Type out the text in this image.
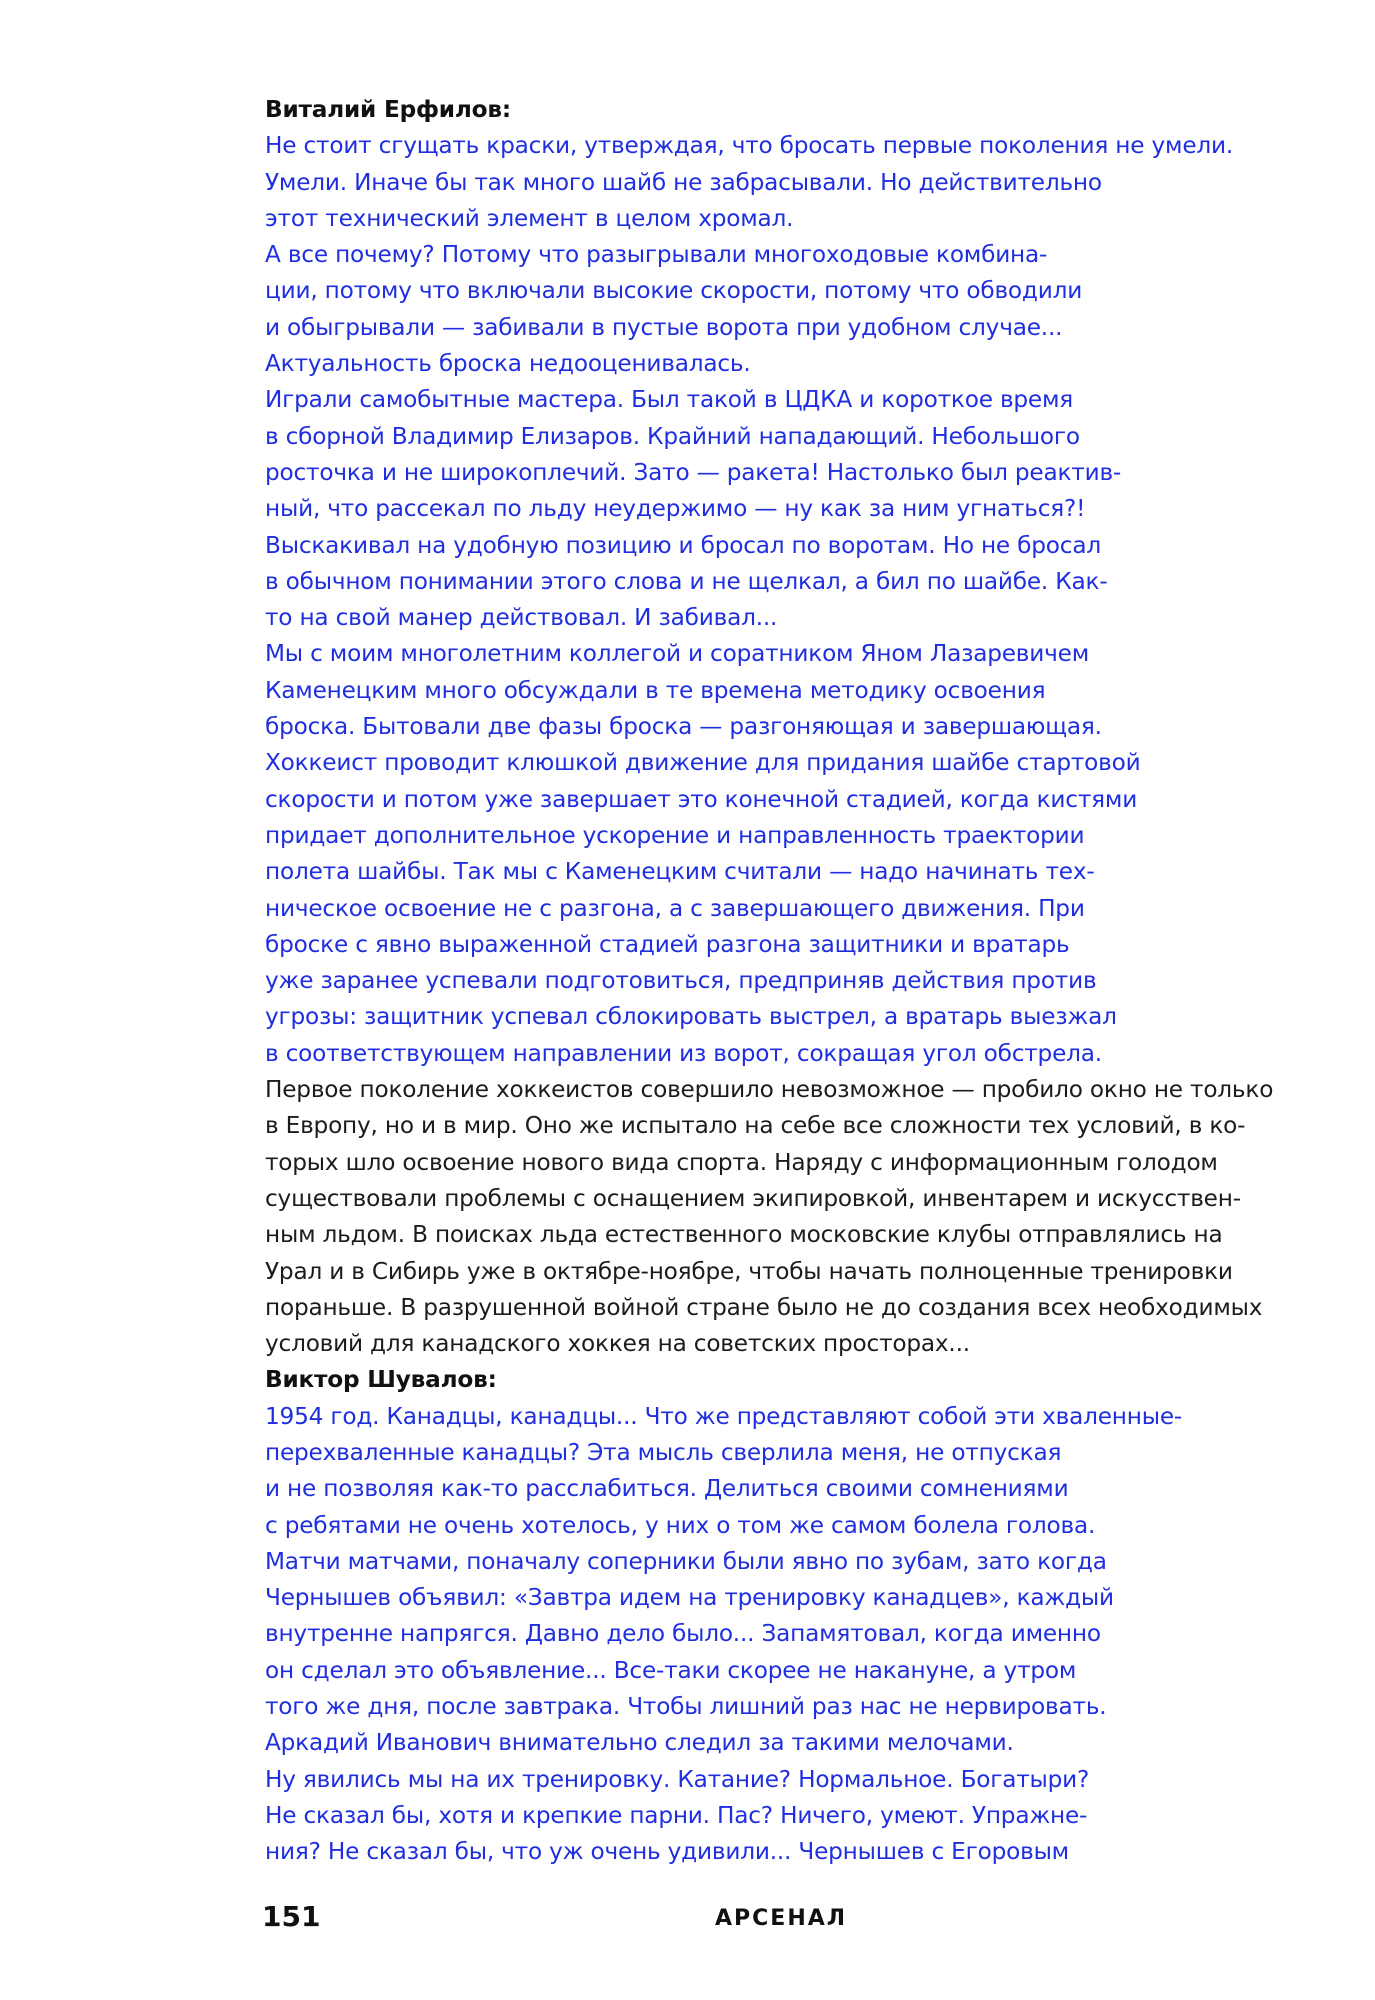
Виталий Ерфилов:
Не стоит сгущать краски, утверждая, что бросать первые поколения не умели.
Умели. Иначе бы так много шайб не забрасывали. Но действительно
этот технический элемент в целом хромал.
А все почему? Потому что разыгрывали многоходовые комбина-
ции, потому что включали высокие скорости, потому что обводили
и обыгрывали — забивали в пустые ворота при удобном случае...
Актуальность броска недооценивалась.
Играли самобытные мастера. Был такой в ЦДКА и короткое время
в сборной Владимир Елизаров. Крайний нападающий. Небольшого
росточка и не широкоплечий. Зато — ракета! Настолько был реактив-
ный, что рассекал по льду неудержимо — ну как за ним угнаться?!
Выскакивал на удобную позицию и бросал по воротам. Но не бросал
в обычном понимании этого слова и не щелкал, а бил по шайбе. Как-
то на свой манер действовал. И забивал...
Мы с моим многолетним коллегой и соратником Яном Лазаревичем
Каменецким много обсуждали в те времена методику освоения
броска. Бытовали две фазы броска — разгоняющая и завершающая.
Хоккеист проводит клюшкой движение для придания шайбе стартовой
скорости и потом уже завершает это конечной стадией, когда кистями
придает дополнительное ускорение и направленность траектории
полета шайбы. Так мы с Каменецким считали — надо начинать тех-
ническое освоение не с разгона, а с завершающего движения. При
броске с явно выраженной стадией разгона защитники и вратарь
уже заранее успевали подготовиться, предприняв действия против
угрозы: защитник успевал сблокировать выстрел, а вратарь выезжал
в соответствующем направлении из ворот, сокращая угол обстрела.
Первое поколение хоккеистов совершило невозможное — пробило окно не только
в Европу, но и в мир. Оно же испытало на себе все сложности тех условий, в ко-
торых шло освоение нового вида спорта. Наряду с информационным голодом
существовали проблемы с оснащением экипировкой, инвентарем и искусствен-
ным льдом. В поисках льда естественного московские клубы отправлялись на
Урал и в Сибирь уже в октябре-ноябре, чтобы начать полноценные тренировки
пораньше. В разрушенной войной стране было не до создания всех необходимых
условий для канадского хоккея на советских просторах...
Виктор Шувалов:
1954 год. Канадцы, канадцы... Что же представляют собой эти хваленные-
перехваленные канадцы? Эта мысль сверлила меня, не отпуская
и не позволяя как-то расслабиться. Делиться своими сомнениями
с ребятами не очень хотелось, у них о том же самом болела голова.
Матчи матчами, поначалу соперники были явно по зубам, зато когда
Чернышев объявил: «Завтра идем на тренировку канадцев», каждый
внутренне напрягся. Давно дело было... Запамятовал, когда именно
он сделал это объявление... Все-таки скорее не накануне, а утром
того же дня, после завтрака. Чтобы лишний раз нас не нервировать.
Аркадий Иванович внимательно следил за такими мелочами.
Ну явились мы на их тренировку. Катание? Нормальное. Богатыри?
Не сказал бы, хотя и крепкие парни. Пас? Ничего, умеют. Упражне-
ния? Не сказал бы, что уж очень удивили... Чернышев с Егоровым
151	АРСЕНАЛ
